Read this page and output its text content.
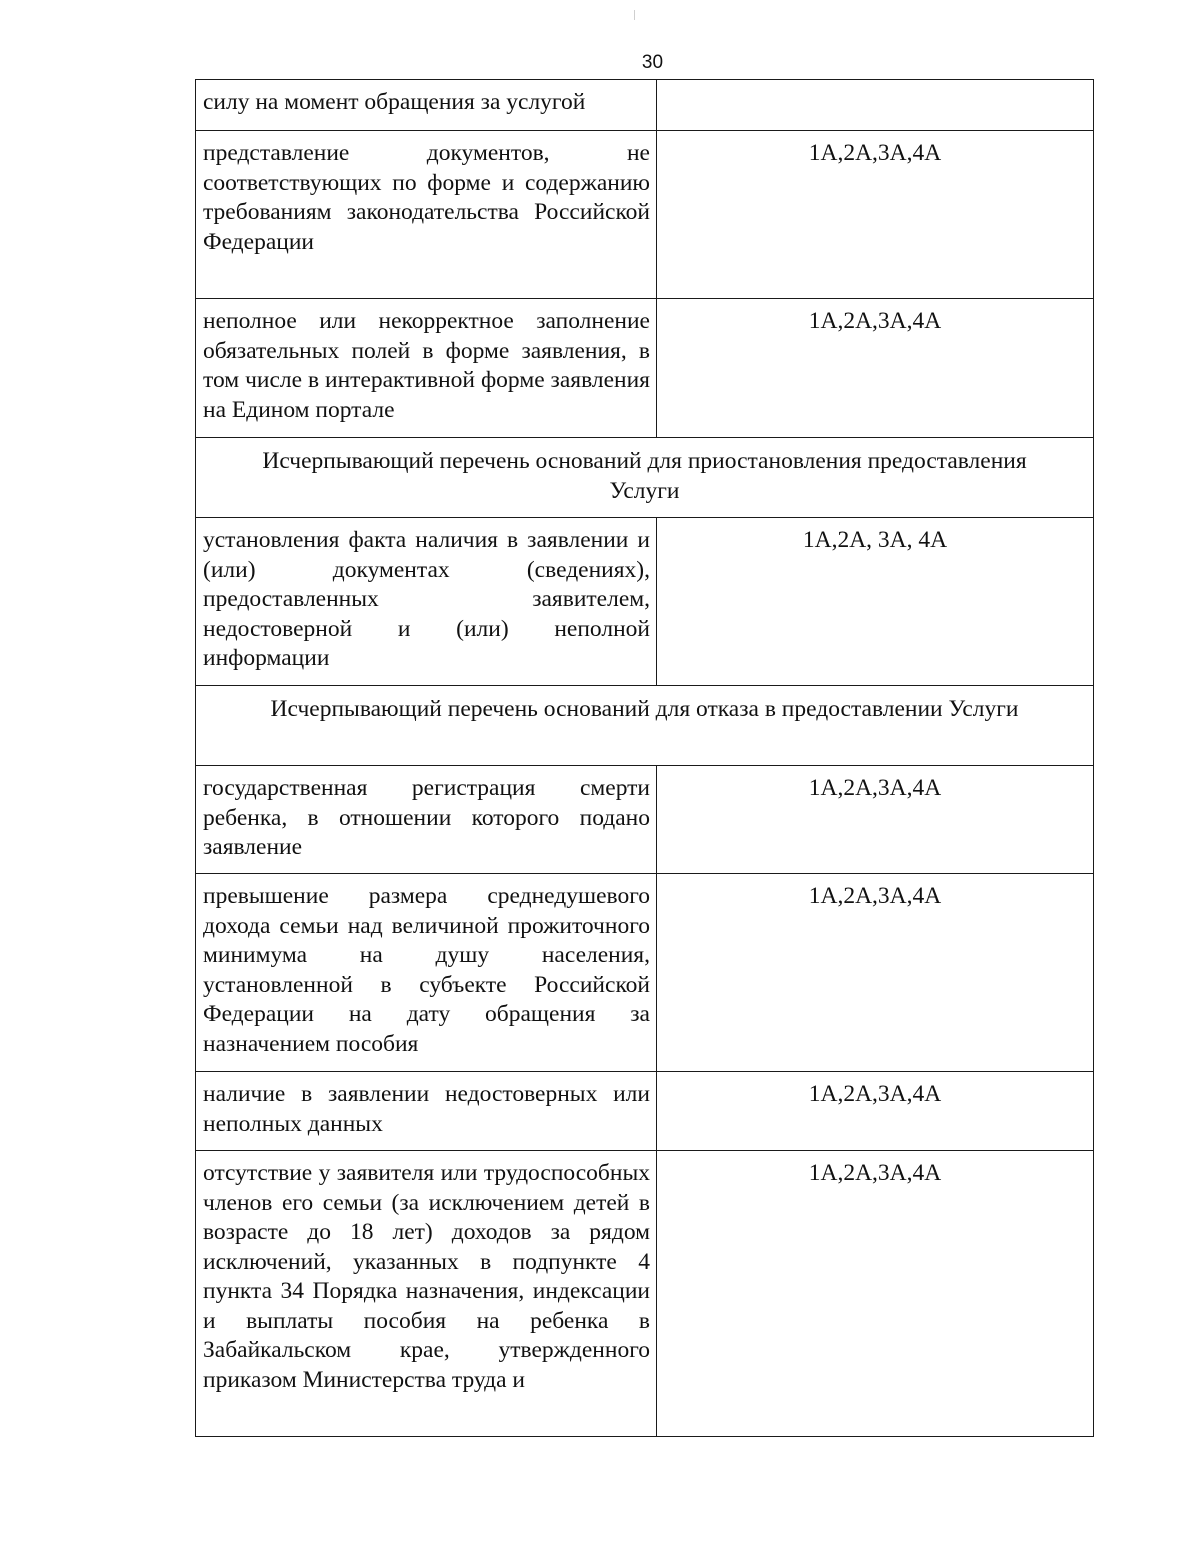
30
силу на момент обращения за услугой	

представление документов, не соответствующих по форме и содержанию требованиям законодательства Российской Федерации	1А,2А,3А,4А

неполное или некорректное заполнение обязательных полей в форме заявления, в том числе в интерактивной форме заявления на Едином портале	1А,2А,3А,4А

Исчерпывающий перечень оснований для приостановления предоставления Услуги	

установления факта наличия в заявлении и (или) документах (сведениях), предоставленных заявителем, недостоверной и (или) неполной информации	1А,2А, 3А, 4А

Исчерпывающий перечень оснований для отказа в предоставлении Услуги	

государственная регистрация смерти ребенка, в отношении которого подано заявление	1А,2А,3А,4А

превышение размера среднедушевого дохода семьи над величиной прожиточного минимума на душу населения, установленной в субъекте Российской Федерации на дату обращения за назначением пособия	1А,2А,3А,4А

наличие в заявлении недостоверных или неполных данных	1А,2А,3А,4А

отсутствие у заявителя или трудоспособных членов его семьи (за исключением детей в возрасте до 18 лет) доходов за рядом исключений, указанных в подпункте 4 пункта 34 Порядка назначения, индексации и выплаты пособия на ребенка в Забайкальском крае, утвержденного приказом Министерства труда и	1А,2А,3А,4А
